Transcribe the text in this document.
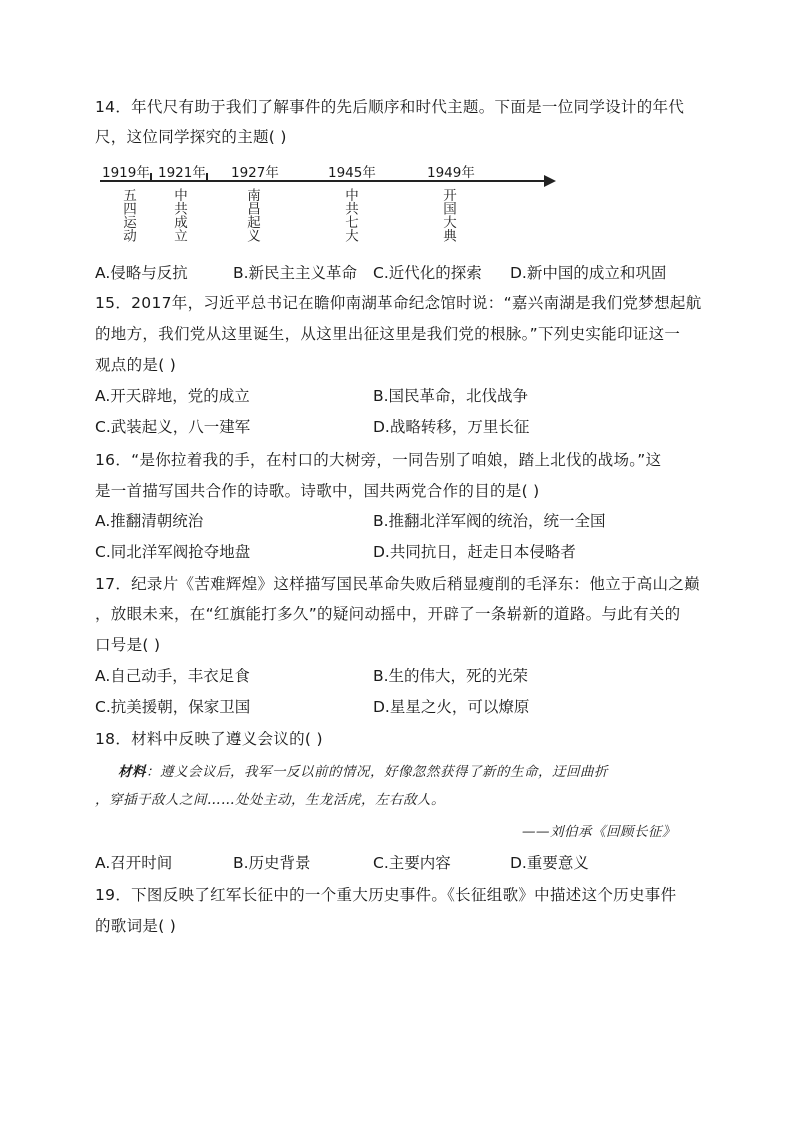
14．年代尺有助于我们了解事件的先后顺序和时代主题。下面是一位同学设计的年代
尺，这位同学探究的主题( )
1919年 1921年 1927年	1945年	1949年
五四运动	中共成立	南昌起义	中共七大	开国大典
A.侵略与反抗	B.新民主主义革命 C.近代化的探索 D.新中国的成立和巩固
15．2017年，习近平总书记在瞻仰南湖革命纪念馆时说：“嘉兴南湖是我们党梦想起航
的地方，我们党从这里诞生，从这里出征这里是我们党的根脉。”下列史实能印证这一
观点的是( )
A.开天辟地，党的成立	B.国民革命，北伐战争
C.武装起义，八一建军	D.战略转移，万里长征
16．“是你拉着我的手，在村口的大树旁，一同告别了咱娘，踏上北伐的战场。”这
是一首描写国共合作的诗歌。诗歌中，国共两党合作的目的是( )
A.推翻清朝统治	B.推翻北洋军阀的统治，统一全国
C.同北洋军阀抢夺地盘	D.共同抗日，赶走日本侵略者
17．纪录片《苦难辉煌》这样描写国民革命失败后稍显瘦削的毛泽东：他立于高山之巅
，放眼未来，在“红旗能打多久”的疑问动摇中，开辟了一条崭新的道路。与此有关的
口号是( )
A.自己动手，丰衣足食	B.生的伟大，死的光荣
C.抗美援朝，保家卫国	D.星星之火，可以燎原
18．材料中反映了遵义会议的( )
材料：遵义会议后，我军一反以前的情况，好像忽然获得了新的生命，迂回曲折
，穿插于敌人之间……处处主动，生龙活虎，左右敌人。
——刘伯承《回顾长征》
A.召开时间	B.历史背景	C.主要内容	D.重要意义
19．下图反映了红军长征中的一个重大历史事件。《长征组歌》中描述这个历史事件
的歌词是( )
